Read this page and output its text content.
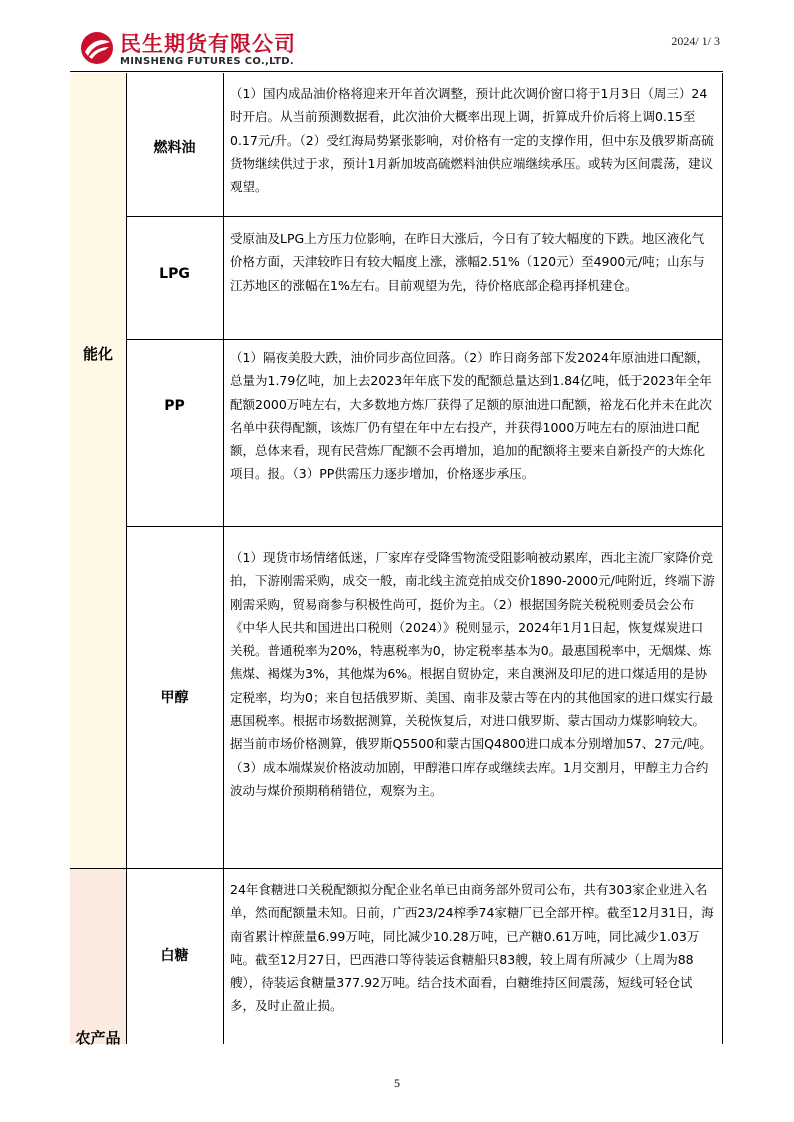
民生期货有限公司
MINSHENG FUTURES CO.,LTD.
2024/ 1/ 3
能化
农产品
燃料油
（1）国内成品油价格将迎来开年首次调整，预计此次调价窗口将于1月3日（周三）24时开启。从当前预测数据看，此次油价大概率出现上调，折算成升价后将上调0.15至0.17元/升。（2）受红海局势紧张影响，对价格有一定的支撑作用，但中东及俄罗斯高硫货物继续供过于求，预计1月新加坡高硫燃料油供应端继续承压。或转为区间震荡，建议观望。
LPG
受原油及LPG上方压力位影响，在昨日大涨后，今日有了较大幅度的下跌。地区液化气价格方面，天津较昨日有较大幅度上涨，涨幅2.51%（120元）至4900元/吨；山东与江苏地区的涨幅在1%左右。目前观望为先，待价格底部企稳再择机建仓。
PP
（1）隔夜美股大跌，油价同步高位回落。（2）昨日商务部下发2024年原油进口配额，总量为1.79亿吨，加上去2023年年底下发的配额总量达到1.84亿吨，低于2023年全年配额2000万吨左右，大多数地方炼厂获得了足额的原油进口配额，裕龙石化并未在此次名单中获得配额，该炼厂仍有望在年中左右投产，并获得1000万吨左右的原油进口配额，总体来看，现有民营炼厂配额不会再增加，追加的配额将主要来自新投产的大炼化项目。报。（3）PP供需压力逐步增加，价格逐步承压。
甲醇
（1）现货市场情绪低迷，厂家库存受降雪物流受阻影响被动累库，西北主流厂家降价竞拍，下游刚需采购，成交一般，南北线主流竞拍成交价1890-2000元/吨附近，终端下游刚需采购，贸易商参与积极性尚可，挺价为主。（2）根据国务院关税税则委员会公布《中华人民共和国进出口税则（2024）》税则显示，2024年1月1日起，恢复煤炭进口关税。普通税率为20%，特惠税率为0，协定税率基本为0。最惠国税率中，无烟煤、炼焦煤、褐煤为3%，其他煤为6%。根据自贸协定，来自澳洲及印尼的进口煤适用的是协定税率，均为0；来自包括俄罗斯、美国、南非及蒙古等在内的其他国家的进口煤实行最惠国税率。根据市场数据测算，关税恢复后，对进口俄罗斯、蒙古国动力煤影响较大。据当前市场价格测算，俄罗斯Q5500和蒙古国Q4800进口成本分别增加57、27元/吨。（3）成本端煤炭价格波动加剧，甲醇港口库存或继续去库。1月交割月，甲醇主力合约波动与煤价预期稍稍错位，观察为主。
白糖
24年食糖进口关税配额拟分配企业名单已由商务部外贸司公布，共有303家企业进入名单，然而配额量未知。日前，广西23/24榨季74家糖厂已全部开榨。截至12月31日，海南省累计榨蔗量6.99万吨，同比减少10.28万吨，已产糖0.61万吨，同比减少1.03万吨。截至12月27日，巴西港口等待装运食糖船只83艘，较上周有所减少（上周为88艘），待装运食糖量377.92万吨。结合技术面看，白糖维持区间震荡，短线可轻仓试多，及时止盈止损。
5
